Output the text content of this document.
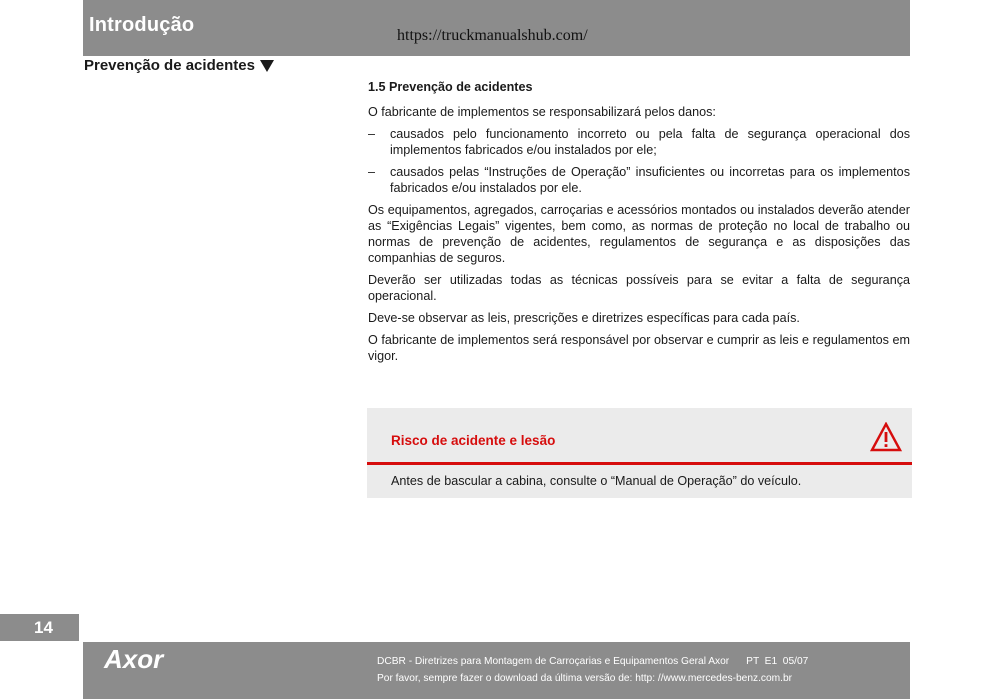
Introdução	https://truckmanualshub.com/
Prevenção de acidentes
1.5 Prevenção de acidentes

O fabricante de implementos se responsabilizará pelos danos:

–	causados pelo funcionamento incorreto ou pela falta de segurança operacional dos implementos fabricados e/ou instalados por ele;
–	causados pelas “Instruções de Operação” insuficientes ou incorretas para os implementos fabricados e/ou instalados por ele.

Os equipamentos, agregados, carroçarias e acessórios montados ou instalados deverão atender as “Exigências Legais” vigentes, bem como, as normas de proteção no local de trabalho ou normas de prevenção de acidentes, regulamentos de segurança e as disposições das companhias de seguros.

Deverão ser utilizadas todas as técnicas possíveis para se evitar a falta de segurança operacional.

Deve-se observar as leis, prescrições e diretrizes específicas para cada país.

O fabricante de implementos será responsável por observar e cumprir as leis e regulamentos em vigor.

Risco de acidente e lesão
Antes de bascular a cabina, consulte o “Manual de Operação” do veículo.
14
Axor	DCBR - Diretrizes para Montagem de Carroçarias e Equipamentos Geral Axor PT  E1  05/07
Por favor, sempre fazer o download da última versão de: http: //www.mercedes-benz.com.br
